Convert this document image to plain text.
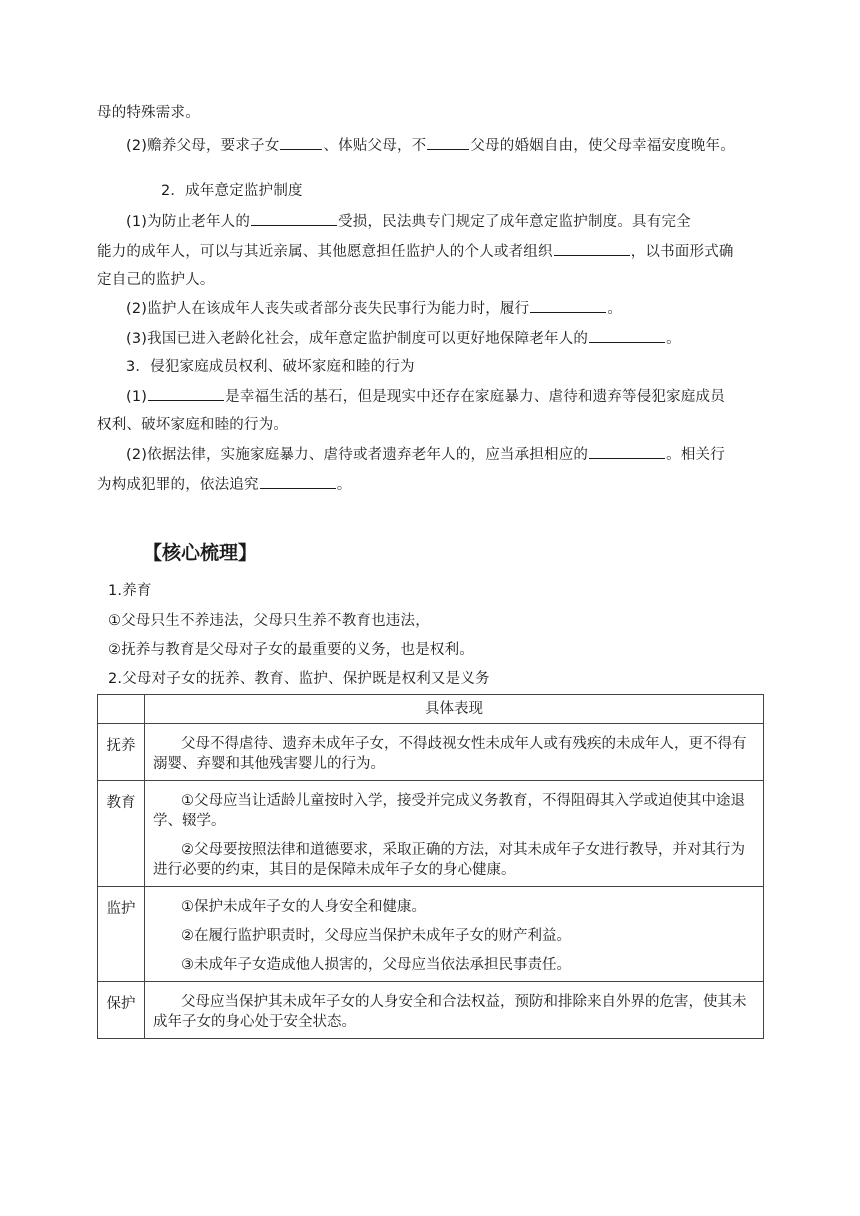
母的特殊需求。
(2)赡养父母，要求子女	、体贴父母，不	父母的婚姻自由，使父母幸福安度晚年。
2．成年意定监护制度
(1)为防止老年人的	受损，民法典专门规定了成年意定监护制度。具有完全
能力的成年人，可以与其近亲属、其他愿意担任监护人的个人或者组织	，以书面形式确
定自己的监护人。
(2)监护人在该成年人丧失或者部分丧失民事行为能力时，履行	。
(3)我国已进入老龄化社会，成年意定监护制度可以更好地保障老年人的	。
3．侵犯家庭成员权利、破坏家庭和睦的行为
(1)	是幸福生活的基石，但是现实中还存在家庭暴力、虐待和遗弃等侵犯家庭成员
权利、破坏家庭和睦的行为。
(2)依据法律，实施家庭暴力、虐待或者遗弃老年人的，应当承担相应的	。相关行
为构成犯罪的，依法追究	。
【核心梳理】
1.养育
①父母只生不养违法，父母只生养不教育也违法，
②抚养与教育是父母对子女的最重要的义务，也是权利。
2.父母对子女的抚养、教育、监护、保护既是权利又是义务
	具体表现
抚养	父母不得虐待、遗弃未成年子女，不得歧视女性未成年人或有残疾的未成年人，更不得有溺婴、弃婴和其他残害婴儿的行为。

教育	①父母应当让适龄儿童按时入学，接受并完成义务教育，不得阻碍其入学或迫使其中途退学、辍学。

②父母要按照法律和道德要求，采取正确的方法，对其未成年子女进行教导，并对其行为进行必要的约束，其目的是保障未成年子女的身心健康。

监护	①保护未成年子女的人身安全和健康。

②在履行监护职责时，父母应当保护未成年子女的财产利益。

③未成年子女造成他人损害的，父母应当依法承担民事责任。

保护	父母应当保护其未成年子女的人身安全和合法权益，预防和排除来自外界的危害，使其未成年子女的身心处于安全状态。
